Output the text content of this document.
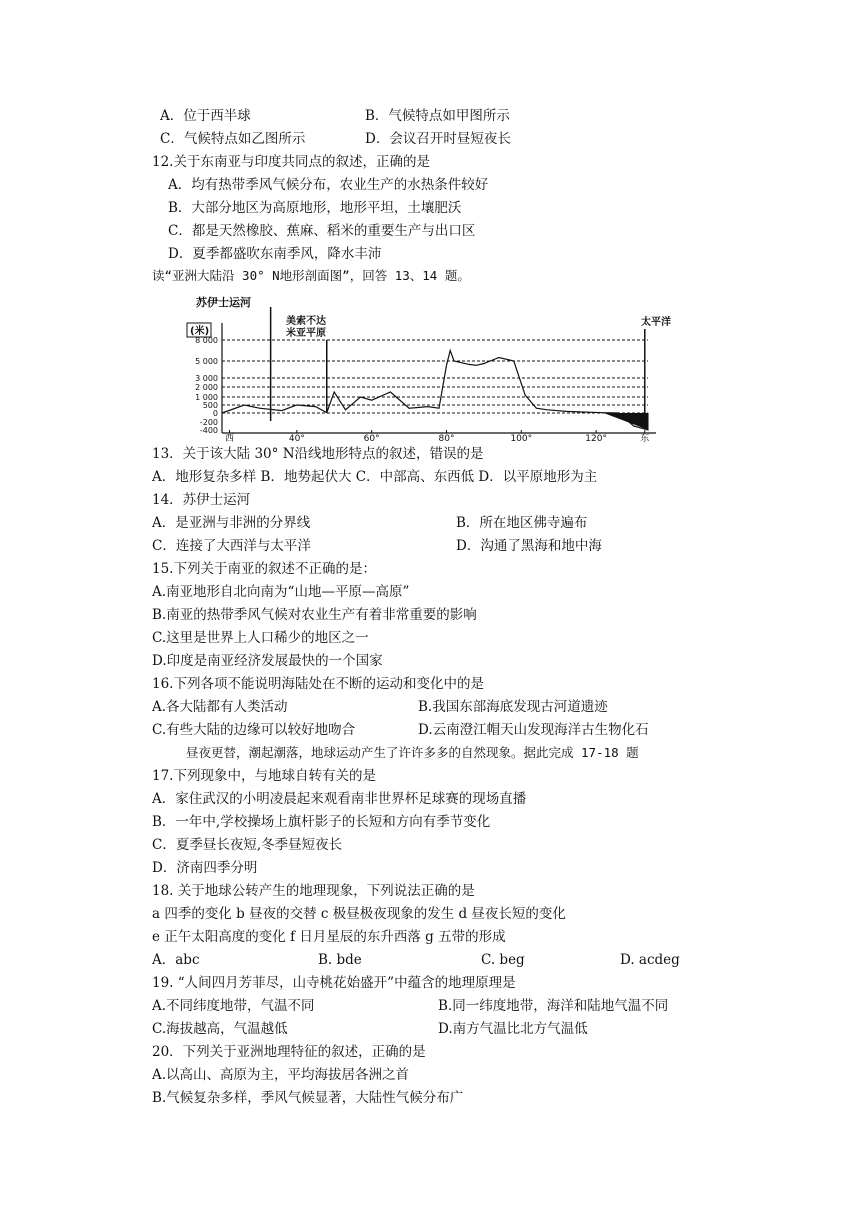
A．位于西半球	B．气候特点如甲图所示
C．气候特点如乙图所示	D．会议召开时昼短夜长
12.关于东南亚与印度共同点的叙述，正确的是
A．均有热带季风气候分布，农业生产的水热条件较好
B．大部分地区为高原地形，地形平坦，土壤肥沃
C．都是天然橡胶、蕉麻、稻米的重要生产与出口区
D．夏季都盛吹东南季风，降水丰沛
读“亚洲大陆沿 30° N地形剖面图”，回答 13、14 题。
苏伊士运河
(米)
美索不达
米亚平原
太平洋
8 000
5 000
3 000
2 000
1 000
500
0
-200
-400
西	40°	60°	80°	100°	120°	东
13．关于该大陆 30° N沿线地形特点的叙述，错误的是
A．地形复杂多样 B．地势起伏大 C．中部高、东西低 D．以平原地形为主
14．苏伊士运河
A．是亚洲与非洲的分界线	B．所在地区佛寺遍布
C．连接了大西洋与太平洋	D．沟通了黑海和地中海
15.下列关于南亚的叙述不正确的是：
A.南亚地形自北向南为“山地—平原—高原”
B.南亚的热带季风气候对农业生产有着非常重要的影响
C.这里是世界上人口稀少的地区之一
D.印度是南亚经济发展最快的一个国家
16.下列各项不能说明海陆处在不断的运动和变化中的是
A.各大陆都有人类活动	B.我国东部海底发现古河道遗迹
C.有些大陆的边缘可以较好地吻合	D.云南澄江帽天山发现海洋古生物化石
昼夜更替，潮起潮落，地球运动产生了许许多多的自然现象。据此完成 17-18 题
17.下列现象中，与地球自转有关的是
A．家住武汉的小明凌晨起来观看南非世界杯足球赛的现场直播
B．一年中,学校操场上旗杆影子的长短和方向有季节变化
C．夏季昼长夜短,冬季昼短夜长
D．济南四季分明
18. 关于地球公转产生的地理现象，下列说法正确的是
a 四季的变化 b 昼夜的交替 c 极昼极夜现象的发生 d 昼夜长短的变化
e 正午太阳高度的变化 f 日月星辰的东升西落 g 五带的形成
A．abc	B. bde	C. beg	D. acdeg
19. “人间四月芳菲尽，山寺桃花始盛开”中蕴含的地理原理是
A.不同纬度地带，气温不同	B.同一纬度地带，海洋和陆地气温不同
C.海拔越高，气温越低	D.南方气温比北方气温低
20．下列关于亚洲地理特征的叙述，正确的是
A.以高山、高原为主，平均海拔居各洲之首
B.气候复杂多样，季风气候显著，大陆性气候分布广
